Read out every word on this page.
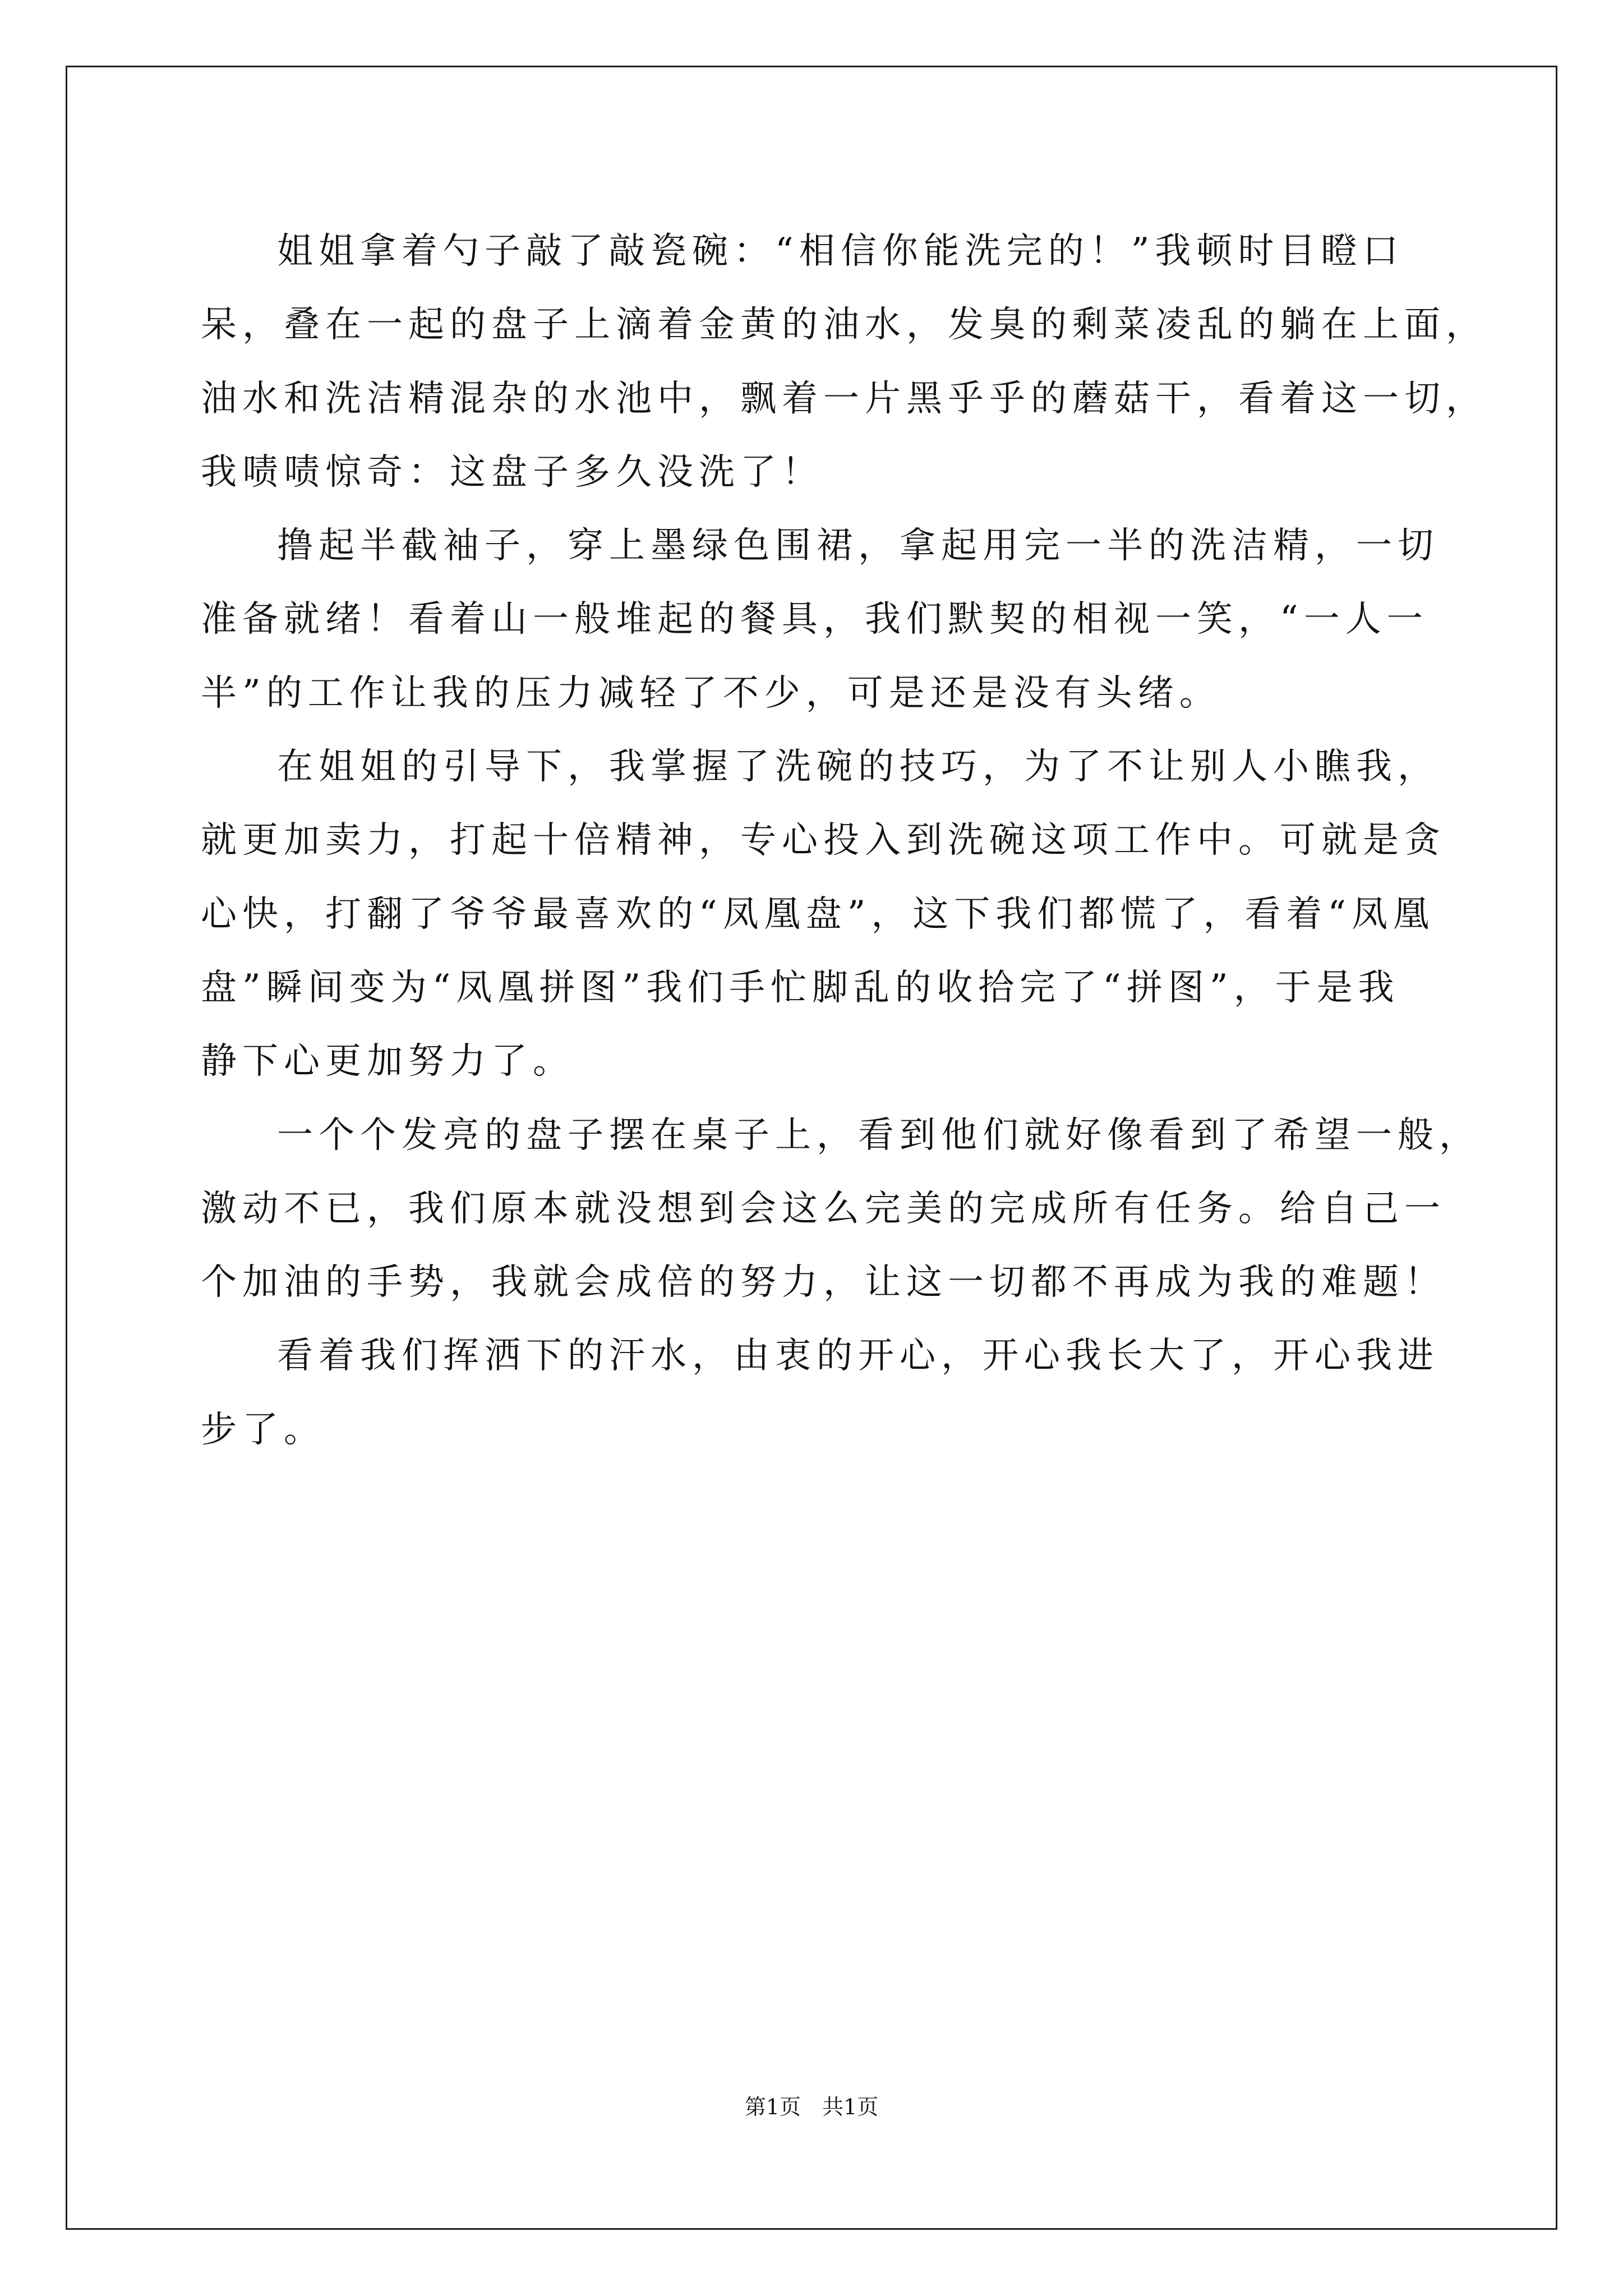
姐姐拿着勺子敲了敲瓷碗：“相信你能洗完的！”我顿时目瞪口
呆，叠在一起的盘子上滴着金黄的油水，发臭的剩菜凌乱的躺在上面，
油水和洗洁精混杂的水池中，飘着一片黑乎乎的蘑菇干，看着这一切，
我啧啧惊奇：这盘子多久没洗了！
撸起半截袖子，穿上墨绿色围裙，拿起用完一半的洗洁精，一切
准备就绪！看着山一般堆起的餐具，我们默契的相视一笑，“一人一
半”的工作让我的压力减轻了不少，可是还是没有头绪。
在姐姐的引导下，我掌握了洗碗的技巧，为了不让别人小瞧我，
就更加卖力，打起十倍精神，专心投入到洗碗这项工作中。可就是贪
心快，打翻了爷爷最喜欢的“凤凰盘”，这下我们都慌了，看着“凤凰
盘”瞬间变为“凤凰拼图”我们手忙脚乱的收拾完了“拼图”，于是我
静下心更加努力了。
一个个发亮的盘子摆在桌子上，看到他们就好像看到了希望一般，
激动不已，我们原本就没想到会这么完美的完成所有任务。给自己一
个加油的手势，我就会成倍的努力，让这一切都不再成为我的难题！
看着我们挥洒下的汗水，由衷的开心，开心我长大了，开心我进
步了。
第1页　共1页
